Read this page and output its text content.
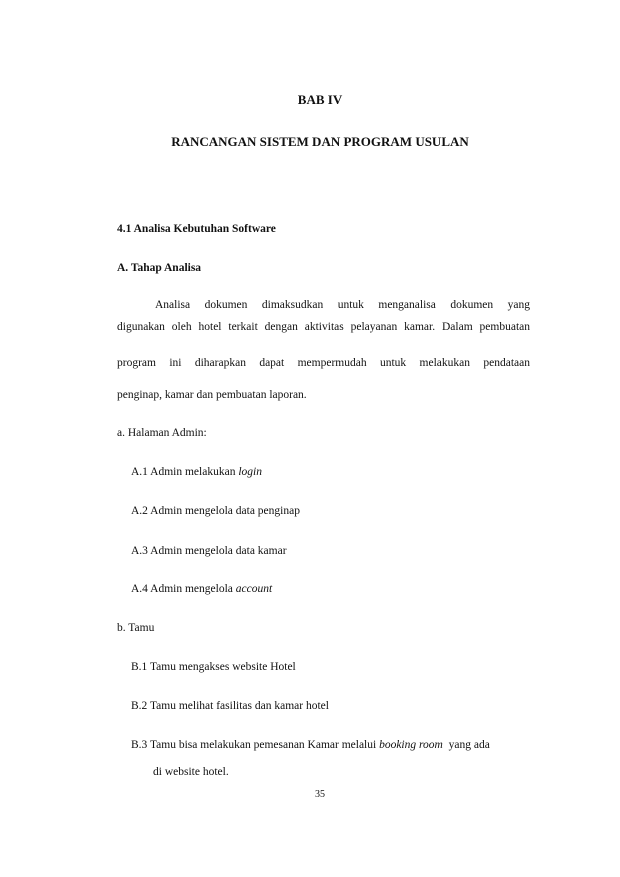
BAB IV
RANCANGAN SISTEM DAN PROGRAM USULAN
4.1 Analisa Kebutuhan Software
A. Tahap Analisa
Analisa dokumen dimaksudkan untuk menganalisa dokumen yang
digunakan oleh hotel terkait dengan aktivitas pelayanan kamar. Dalam pembuatan
program ini diharapkan dapat mempermudah untuk melakukan pendataan
penginap, kamar dan pembuatan laporan.
a. Halaman Admin:
A.1 Admin melakukan login
A.2 Admin mengelola data penginap
A.3 Admin mengelola data kamar
A.4 Admin mengelola account
b. Tamu
B.1 Tamu mengakses website Hotel
B.2 Tamu melihat fasilitas dan kamar hotel
B.3 Tamu bisa melakukan pemesanan Kamar melalui booking room  yang ada
di website hotel.
35
